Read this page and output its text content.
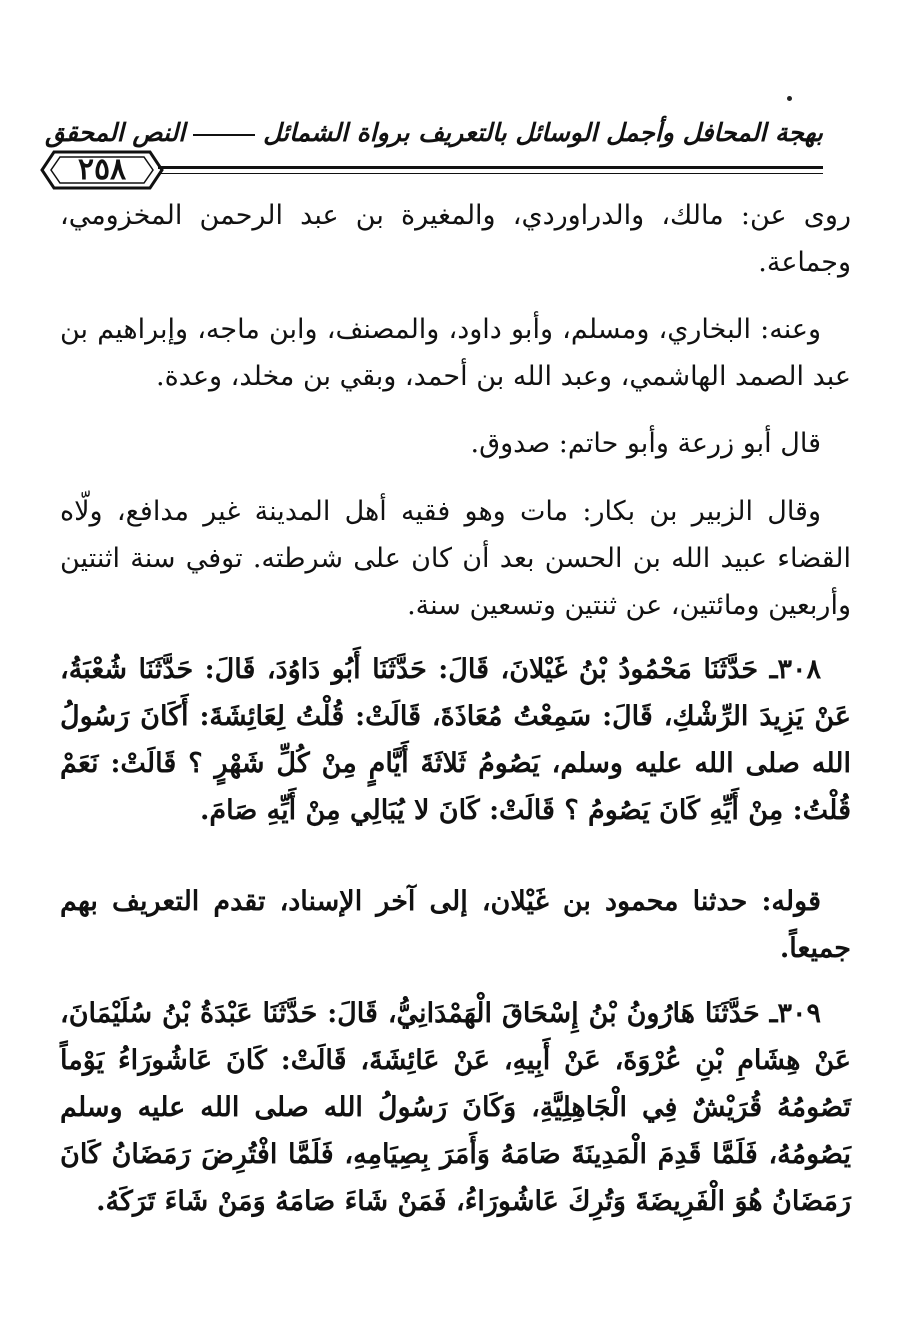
بهجة المحافل وأجمل الوسائل بالتعريف برواة الشمائلالنص المحقق
٢٥٨
روى عن: مالك، والدراوردي، والمغيرة بن عبد الرحمن المخزومي، وجماعة.
وعنه: البخاري، ومسلم، وأبو داود، والمصنف، وابن ماجه، وإبراهيم بن عبد الصمد الهاشمي، وعبد الله بن أحمد، وبقي بن مخلد، وعدة.
قال أبو زرعة وأبو حاتم: صدوق.
وقال الزبير بن بكار: مات وهو فقيه أهل المدينة غير مدافع، ولّاه القضاء عبيد الله بن الحسن بعد أن كان على شرطته. توفي سنة اثنتين وأربعين ومائتين، عن ثنتين وتسعين سنة.
٣٠٨ـ حَدَّثَنَا مَحْمُودُ بْنُ غَيْلانَ، قَالَ: حَدَّثَنَا أَبُو دَاوُدَ، قَالَ: حَدَّثَنَا شُعْبَةُ، عَنْ يَزِيدَ الرِّشْكِ، قَالَ: سَمِعْتُ مُعَاذَةَ، قَالَتْ: قُلْتُ لِعَائِشَةَ: أَكَانَ رَسُولُ الله صلى الله عليه وسلم، يَصُومُ ثَلاثَةَ أَيَّامٍ مِنْ كُلِّ شَهْرٍ ؟ قَالَتْ: نَعَمْ قُلْتُ: مِنْ أَيِّهِ كَانَ يَصُومُ ؟ قَالَتْ: كَانَ لا يُبَالِي مِنْ أَيِّهِ صَامَ.
قوله: حدثنا محمود بن غَيْلان، إلى آخر الإسناد، تقدم التعريف بهم جميعاً.
٣٠٩ـ حَدَّثَنَا هَارُونُ بْنُ إِسْحَاقَ الْهَمْدَانِيُّ، قَالَ: حَدَّثَنَا عَبْدَةُ بْنُ سُلَيْمَانَ، عَنْ هِشَامِ بْنِ عُرْوَةَ، عَنْ أَبِيهِ، عَنْ عَائِشَةَ، قَالَتْ: كَانَ عَاشُورَاءُ يَوْماً تَصُومُهُ قُرَيْشٌ فِي الْجَاهِلِيَّةِ، وَكَانَ رَسُولُ الله صلى الله عليه وسلم يَصُومُهُ، فَلَمَّا قَدِمَ الْمَدِينَةَ صَامَهُ وَأَمَرَ بِصِيَامِهِ، فَلَمَّا افْتُرِضَ رَمَضَانُ كَانَ رَمَضَانُ هُوَ الْفَرِيضَةَ وَتُرِكَ عَاشُورَاءُ، فَمَنْ شَاءَ صَامَهُ وَمَنْ شَاءَ تَرَكَهُ.
